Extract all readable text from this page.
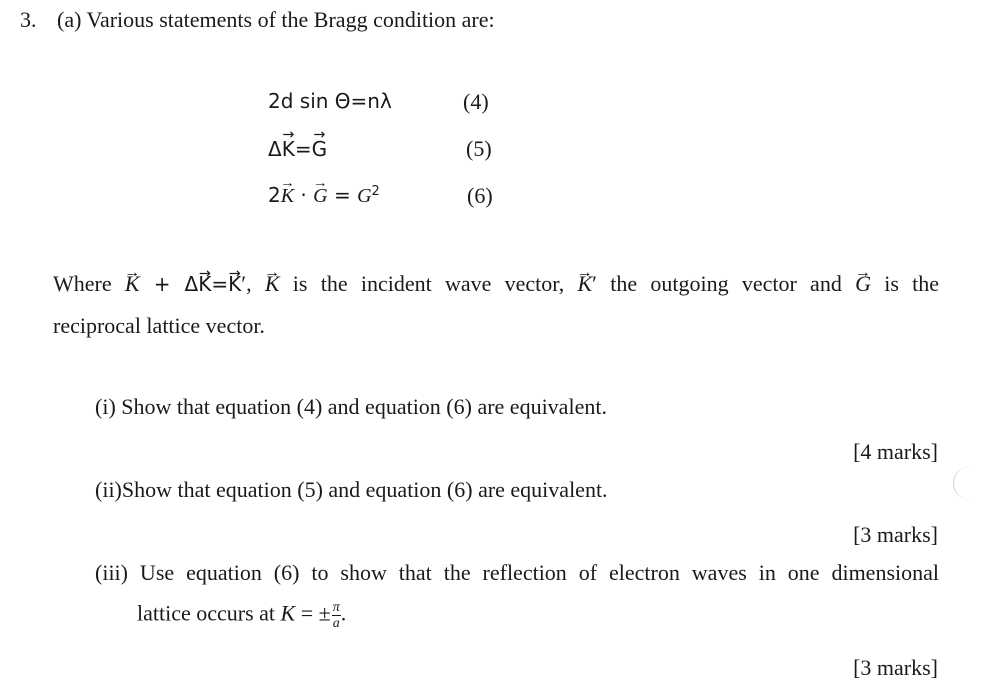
3. (a) Various statements of the Bragg condition are:
2d sin Θ=nλ	(4)
Δ→ K=→ G	(5)
2→ K · → $G = G^2$	(6)
Where → K + Δ→ K=→ K′, → K is the incident wave vector, → K′ the outgoing vector and → G is the
reciprocal lattice vector.
(i) Show that equation (4) and equation (6) are equivalent.
[4 marks]
(ii)Show that equation (5) and equation (6) are equivalent.
[3 marks]
(iii) Use equation (6) to show that the reflection of electron waves in one dimensional
lattice occurs at K = ± $\frac{\pi}{a}$ .
[3 marks]
